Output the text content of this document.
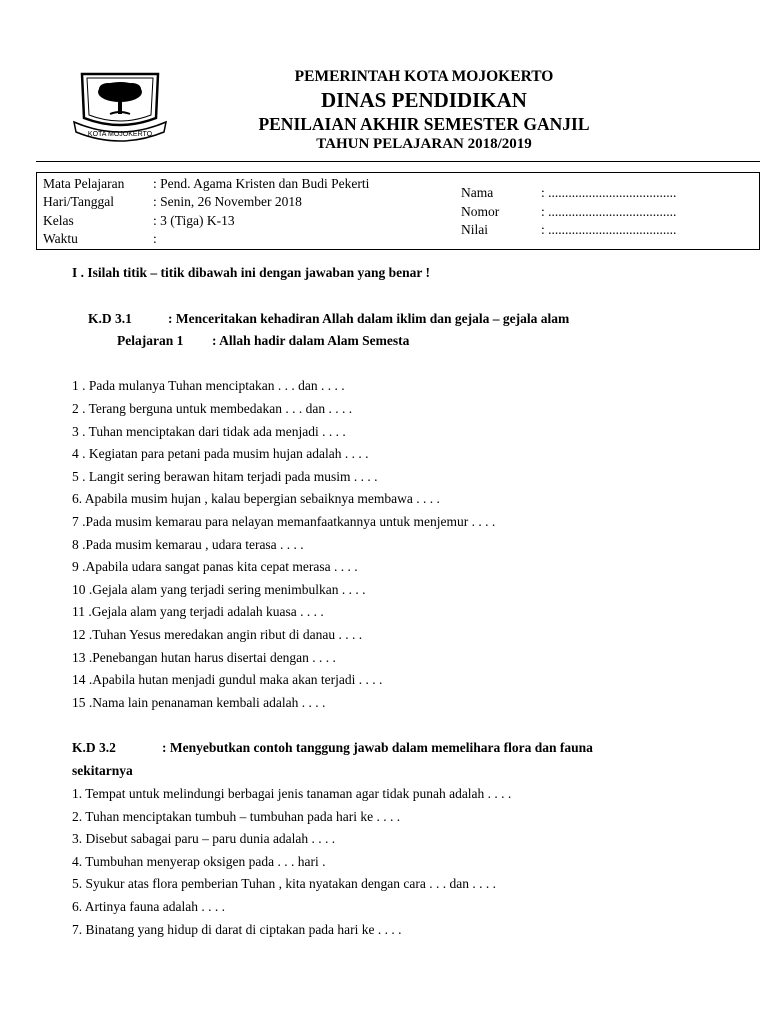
KOTA MOJOKERTO
PEMERINTAH KOTA MOJOKERTO
DINAS PENDIDIKAN
PENILAIAN AKHIR SEMESTER GANJIL
TAHUN PELAJARAN 2018/2019
Mata Pelajaran : Pend. Agama Kristen dan Budi Pekerti
Hari/Tanggal	: Senin, 26 November 2018
Kelas	: 3 (Tiga) K-13
Waktu	:
Nama	: ......................................
Nomor	: ......................................
Nilai	: ......................................
I . Isilah titik – titik dibawah ini dengan jawaban yang benar !
K.D 3.1	: Menceritakan kehadiran Allah dalam iklim dan gejala – gejala alam
Pelajaran 1 : Allah hadir dalam Alam Semesta
1 . Pada mulanya Tuhan menciptakan . . . dan . . . .
2 . Terang berguna untuk membedakan . . . dan . . . .
3 . Tuhan menciptakan dari tidak ada menjadi . . . .
4 . Kegiatan para petani pada musim hujan adalah . . . .
5 . Langit sering berawan hitam terjadi pada musim . . . .
6. Apabila musim hujan , kalau bepergian sebaiknya membawa . . . .
7 .Pada musim kemarau para nelayan memanfaatkannya untuk menjemur . . . .
8 .Pada musim kemarau , udara terasa . . . .
9 .Apabila udara sangat panas kita cepat merasa . . . .
10 .Gejala alam yang terjadi sering menimbulkan . . . .
11 .Gejala alam yang terjadi adalah kuasa . . . .
12 .Tuhan Yesus meredakan angin ribut di danau . . . .
13 .Penebangan hutan harus disertai dengan . . . .
14 .Apabila hutan menjadi gundul maka akan terjadi . . . .
15 .Nama lain penanaman kembali adalah . . . .
K.D 3.2	: Menyebutkan contoh tanggung jawab dalam memelihara flora dan fauna
sekitarnya
1. Tempat untuk melindungi berbagai jenis tanaman agar tidak punah adalah . . . .
2. Tuhan menciptakan tumbuh – tumbuhan pada hari ke . . . .
3. Disebut sabagai paru – paru dunia adalah . . . .
4. Tumbuhan menyerap oksigen pada . . . hari .
5. Syukur atas flora pemberian Tuhan , kita nyatakan dengan cara . . . dan . . . .
6. Artinya fauna adalah . . . .
7. Binatang yang hidup di darat di ciptakan pada hari ke . . . .
